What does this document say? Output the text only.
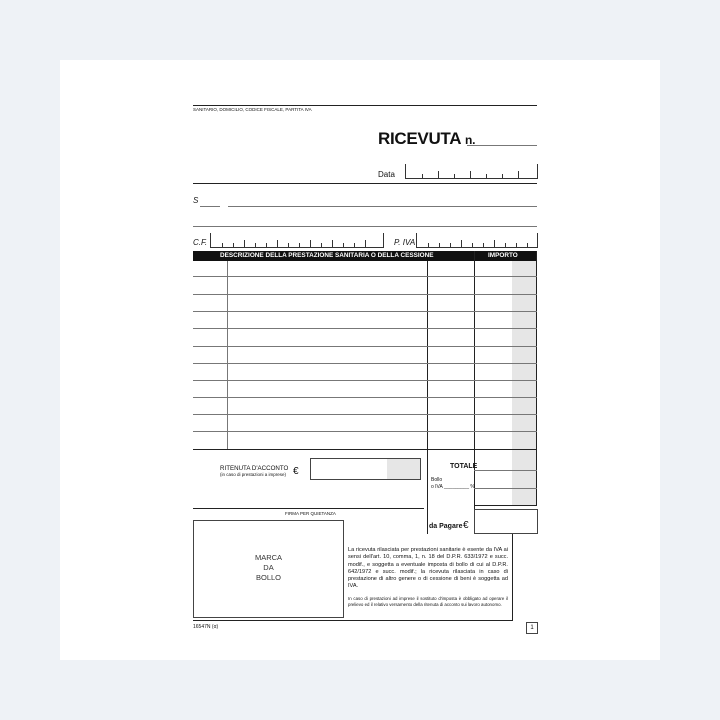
SANITARIO, DOMICILIO, CODICE FISCALE, PARTITA IVA
RICEVUTA n.
Data
S
C.F.	P. IVA
DESCRIZIONE DELLA PRESTAZIONE SANITARIA O DELLA CESSIONE	IMPORTO
RITENUTA D'ACCONTO
(in caso di prestazioni a imprese) €	TOTALE
Bollo
o IVA _________ %
da Pagare €
FIRMA PER QUIETANZA
MARCA
DA
BOLLO
La ricevuta rilasciata per prestazioni sanitarie è esente da IVA ai sensi dell'art. 10, comma, 1, n. 18 del D.P.R. 633/1972 e succ. modif., e soggetta a eventuale imposta di bollo di cui al D.P.R. 642/1972 e succ. modif.; la ricevuta rilasciata in caso di prestazione di altro genere o di cessione di beni è soggetta ad IVA.
In caso di prestazioni ad imprese il sostituto d'imposta è obbligato ad operare il prelievo ed il relativo versamento della ritenuta di acconto sui lavoro autonomo.
16547N (α)	1
